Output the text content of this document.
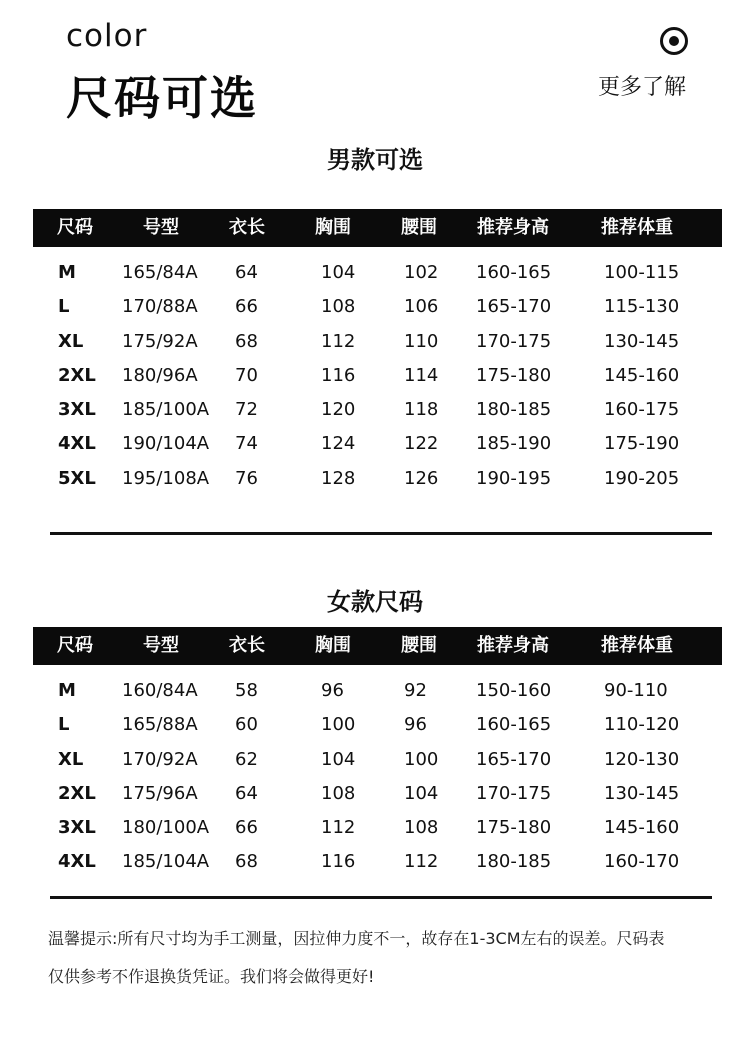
color
尺码可选	更多了解
男款可选
尺码	号型	衣长	胸围	腰围 推荐身高	推荐体重
M	165/84A 64	104	102 160-165	100-115
L	170/88A 66	108	106 165-170	115-130
XL 175/92A 68	112	110 170-175	130-145
2XL 180/96A 70	116	114 175-180	145-160
3XL 185/100A 72	120	118 180-185	160-175
4XL 190/104A 74	124	122 185-190	175-190
5XL 195/108A 76	128	126 190-195	190-205
女款尺码
尺码	号型	衣长	胸围	腰围 推荐身高	推荐体重
M	160/84A 58	96	92	150-160	90-110
L	165/88A 60	100	96	160-165	110-120
XL 170/92A 62	104	100 165-170	120-130
2XL 175/96A 64	108	104 170-175	130-145
3XL 180/100A 66	112	108 175-180	145-160
4XL 185/104A 68	116	112 180-185	160-170
温馨提示:所有尺寸均为手工测量，因拉伸力度不一，故存在1-3CM左右的误差。尺码表
仅供参考不作退换货凭证。我们将会做得更好!
